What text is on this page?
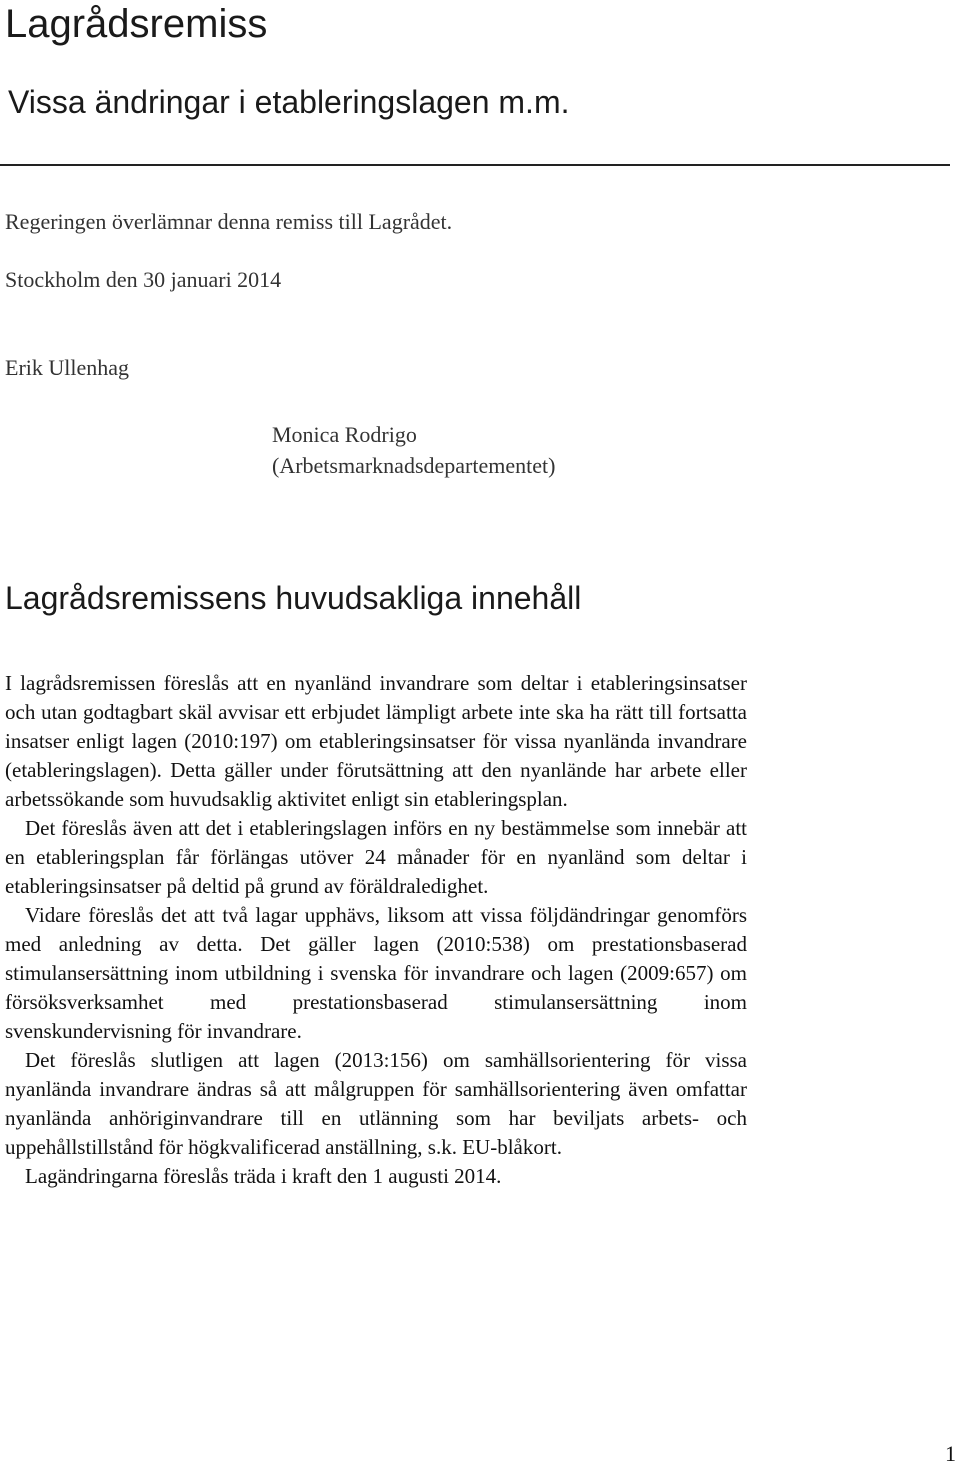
Lagrådsremiss
Vissa ändringar i etableringslagen m.m.
Regeringen överlämnar denna remiss till Lagrådet.
Stockholm den 30 januari 2014
Erik Ullenhag
Monica Rodrigo
(Arbetsmarknadsdepartementet)
Lagrådsremissens huvudsakliga innehåll

I lagrådsremissen föreslås att en nyanländ invandrare som deltar i etableringsinsatser och utan godtagbart skäl avvisar ett erbjudet lämpligt arbete inte ska ha rätt till fortsatta insatser enligt lagen (2010:197) om etableringsinsatser för vissa nyanlända invandrare (etableringslagen). Detta gäller under förutsättning att den nyanlände har arbete eller arbetssökande som huvudsaklig aktivitet enligt sin etableringsplan.

Det föreslås även att det i etableringslagen införs en ny bestämmelse som innebär att en etableringsplan får förlängas utöver 24 månader för en nyanländ som deltar i etableringsinsatser på deltid på grund av föräldraledighet.

Vidare föreslås det att två lagar upphävs, liksom att vissa följdändringar genomförs med anledning av detta. Det gäller lagen (2010:538) om prestationsbaserad stimulansersättning inom utbildning i svenska för invandrare och lagen (2009:657) om försöksverksamhet med prestationsbaserad stimulansersättning inom svenskundervisning för invandrare.

Det föreslås slutligen att lagen (2013:156) om samhällsorientering för vissa nyanlända invandrare ändras så att målgruppen för samhällsorientering även omfattar nyanlända anhöriginvandrare till en utlänning som har beviljats arbets- och uppehållstillstånd för högkvalificerad anställning, s.k. EU-blåkort.

Lagändringarna föreslås träda i kraft den 1 augusti 2014.

1
